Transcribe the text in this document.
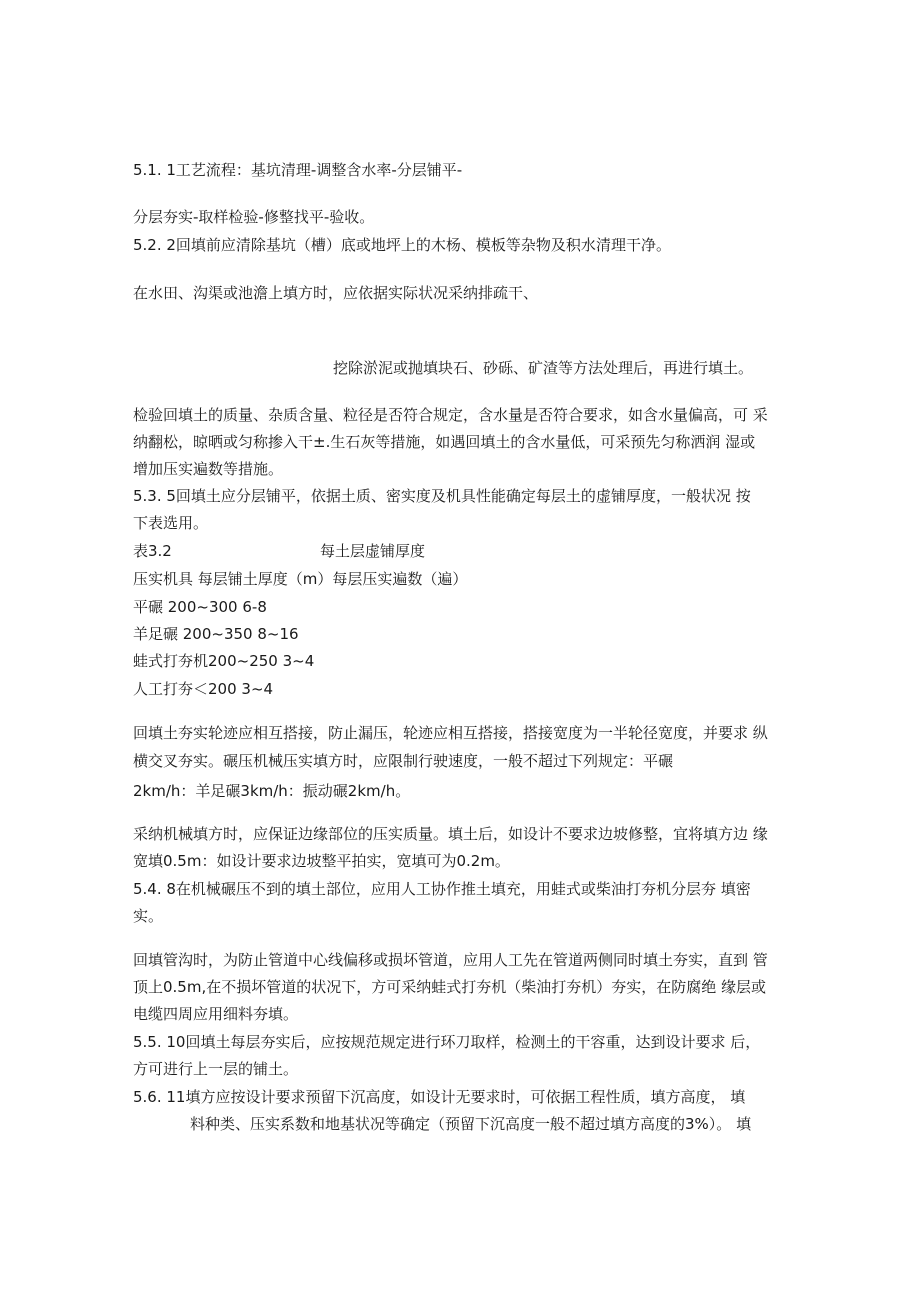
5.1. 1工艺流程：基坑清理-调整含水率-分层铺平-
分层夯实-取样检验-修整找平-验收。
5.2. 2回填前应清除基坑（槽）底或地坪上的木杨、模板等杂物及积水清理干净。
在水田、沟渠或池澹上填方时，应依据实际状况采纳排疏干、
挖除淤泥或抛填块石、砂砾、矿渣等方法处理后，再进行填土。
检验回填土的质量、杂质含量、粒径是否符合规定，含水量是否符合要求，如含水量偏高，可 采
纳翻松，晾晒或匀称掺入干±.生石灰等措施，如遇回填土的含水量低，可采预先匀称洒润 湿或
增加压实遍数等措施。
5.3. 5回填土应分层铺平，依据土质、密实度及机具性能确定每层土的虚铺厚度，一般状况 按
下表选用。
表3.2	每土层虚铺厚度
压实机具 每层铺土厚度（m）每层压实遍数（遍）
平碾 200~300 6-8
羊足碾 200~350 8~16
蛙式打夯机200~250 3~4
人工打夯＜200 3~4
回填土夯实轮迹应相互搭接，防止漏压，轮迹应相互搭接，搭接宽度为一半轮径宽度，并要求 纵
横交叉夯实。碾压机械压实填方时，应限制行驶速度，一般不超过下列规定：平碾
2km/h：羊足碾3km/h：振动碾2km/h。
采纳机械填方时，应保证边缘部位的压实质量。填土后，如设计不要求边坡修整，宜将填方边 缘
宽填0.5m：如设计要求边坡整平拍实，宽填可为0.2m。
5.4. 8在机械碾压不到的填土部位，应用人工协作推土填充，用蛙式或柴油打夯机分层夯 填密
实。
回填管沟时，为防止管道中心线偏移或损坏管道，应用人工先在管道两侧同时填土夯实，直到 管
顶上0.5m,在不损坏管道的状况下，方可采纳蛙式打夯机（柴油打夯机）夯实，在防腐绝 缘层或
电缆四周应用细料夯填。
5.5. 10回填土每层夯实后，应按规范规定进行环刀取样，检测土的干容重，达到设计要求 后，
方可进行上一层的铺土。
5.6. 11填方应按设计要求预留下沉高度，如设计无要求时，可依据工程性质，填方高度， 填
料种类、压实系数和地基状况等确定（预留下沉高度一般不超过填方高度的3%）。 填
